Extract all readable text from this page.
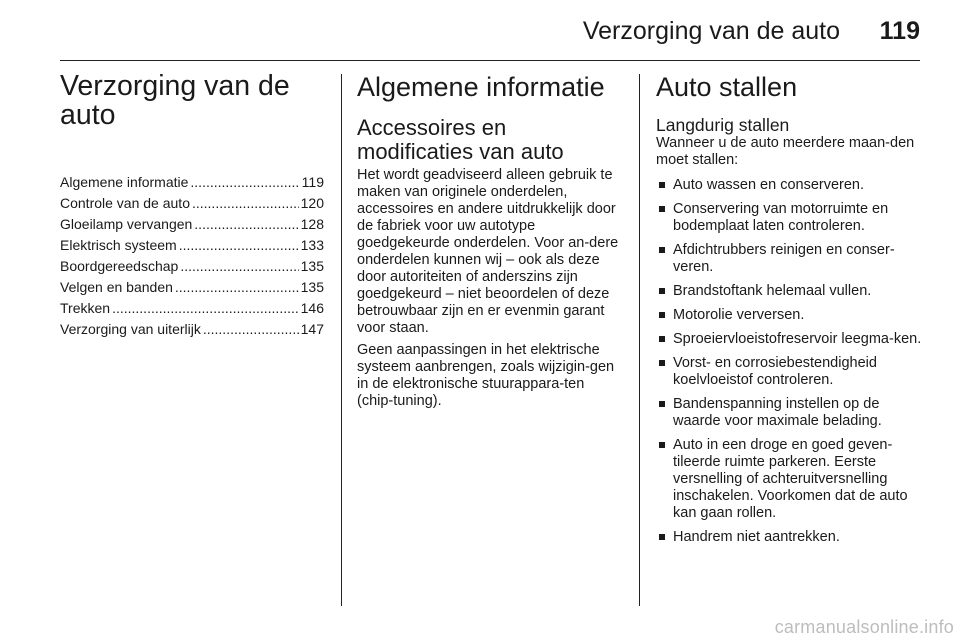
Verzorging van de auto 119
Verzorging van de
auto
Algemene informatie .....	119
Controle van de auto .....	120
Gloeilamp vervangen .....	128
Elektrisch systeem .....	133
Boordgereedschap .....	135
Velgen en banden .....	135
Trekken .....	146
Verzorging van uiterlijk .....	147
Algemene informatie
Accessoires en
modificaties van auto

Het wordt geadviseerd alleen gebruik te maken van originele onderdelen, accessoires en andere uitdrukkelijk door de fabriek voor uw autotype goedgekeurde onderdelen. Voor an-dere onderdelen kunnen wij – ook als deze door autoriteiten of anderszins zijn goedgekeurd – niet beoordelen of deze betrouwbaar zijn en er evenmin garant voor staan.

Geen aanpassingen in het elektrische systeem aanbrengen, zoals wijzigin-gen in de elektronische stuurappara-ten (chip-tuning).

Auto stallen
Langdurig stallen

Wanneer u de auto meerdere maan-den moet stallen:

Auto wassen en conserveren.
Conservering van motorruimte en bodemplaat laten controleren.
Afdichtrubbers reinigen en conser-veren.
Brandstoftank helemaal vullen.
Motorolie verversen.
Sproeiervloeistofreservoir leegma-ken.
Vorst- en corrosiebestendigheid koelvloeistof controleren.
Bandenspanning instellen op de waarde voor maximale belading.
Auto in een droge en goed geven-tileerde ruimte parkeren. Eerste versnelling of achteruitversnelling inschakelen. Voorkomen dat de auto kan gaan rollen.
Handrem niet aantrekken.
carmanualsonline.info
